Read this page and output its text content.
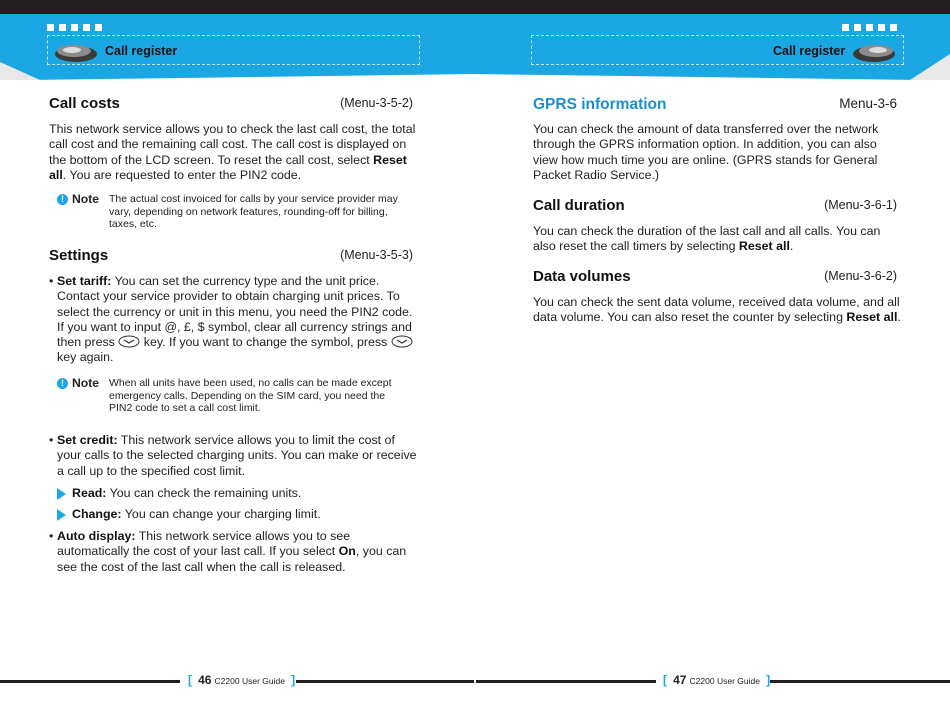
Call register	Call register
Call costs	(Menu-3-5-2)
This network service allows you to check the last call cost, the total call cost and the remaining call cost. The call cost is displayed on the bottom of the LCD screen. To reset the call cost, select Reset all. You are requested to enter the PIN2 code.
! Note The actual cost invoiced for calls by your service provider may vary, depending on network features, rounding-off for billing, taxes, etc.
Settings	(Menu-3-5-3)
• Set tariff: You can set the currency type and the unit price. Contact your service provider to obtain charging unit prices. To select the currency or unit in this menu, you need the PIN2 code. If you want to input @, £, $ symbol, clear all currency strings and then press  key. If you want to change the symbol, press  key again.
! Note When all units have been used, no calls can be made except emergency calls. Depending on the SIM card, you need the PIN2 code to set a call cost limit.
• Set credit: This network service allows you to limit the cost of your calls to the selected charging units. You can make or receive a call up to the specified cost limit.
Read: You can check the remaining units.
Change: You can change your charging limit.
• Auto display: This network service allows you to see automatically the cost of your last call. If you select On, you can see the cost of the last call when the call is released.
GPRS information	Menu-3-6
You can check the amount of data transferred over the network through the GPRS information option. In addition, you can also view how much time you are online. (GPRS stands for General Packet Radio Service.)
Call duration	(Menu-3-6-1)
You can check the duration of the last call and all calls. You can also reset the call timers by selecting Reset all.
Data volumes	(Menu-3-6-2)
You can check the sent data volume, received data volume, and all data volume. You can also reset the counter by selecting Reset all.
[ 46 C2200 User Guide ]	[ 47 C2200 User Guide ]
